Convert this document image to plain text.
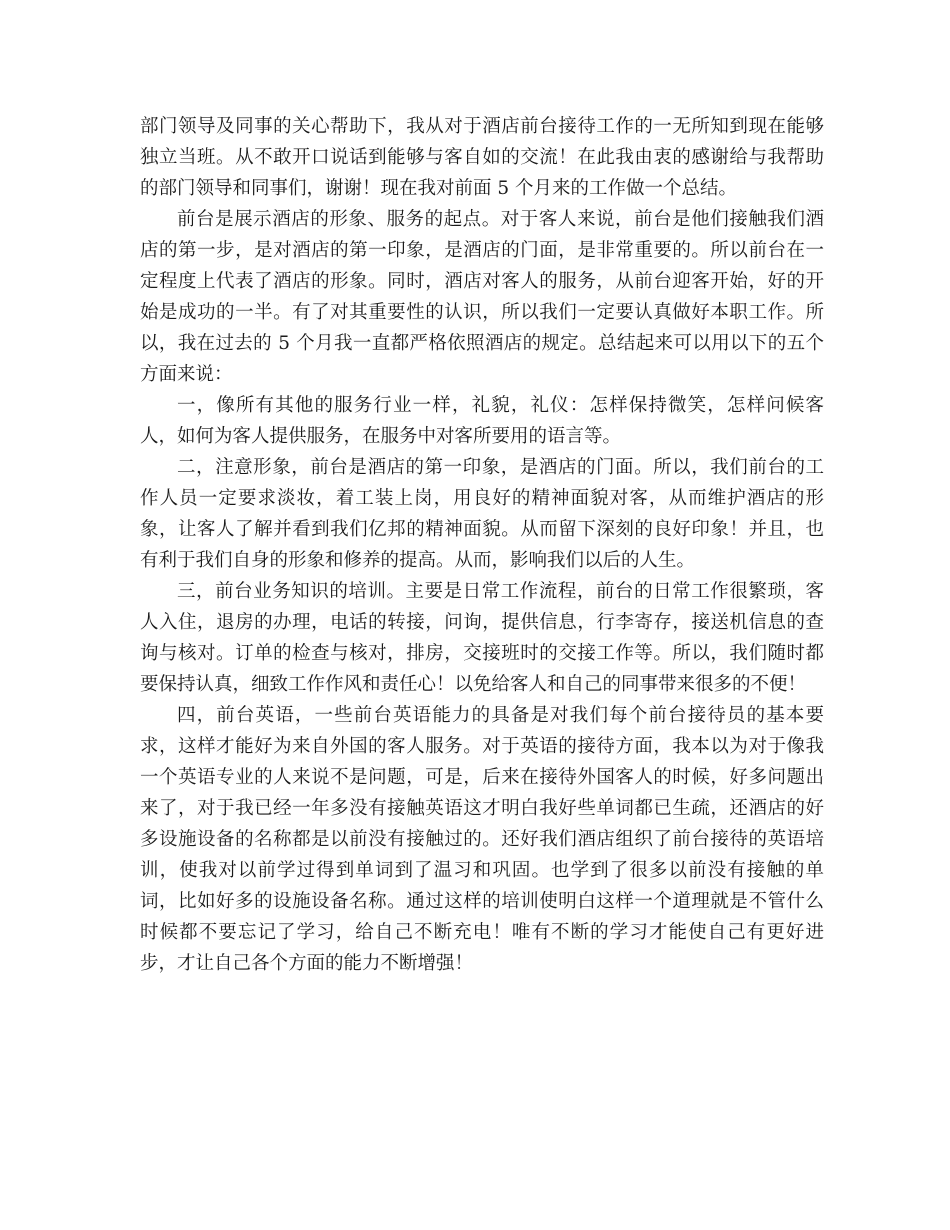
部门领导及同事的关心帮助下，我从对于酒店前台接待工作的一无所知到现在能够独立当班。从不敢开口说话到能够与客自如的交流！在此我由衷的感谢给与我帮助的部门领导和同事们，谢谢！现在我对前面 5 个月来的工作做一个总结。

前台是展示酒店的形象、服务的起点。对于客人来说，前台是他们接触我们酒店的第一步，是对酒店的第一印象，是酒店的门面，是非常重要的。所以前台在一定程度上代表了酒店的形象。同时，酒店对客人的服务，从前台迎客开始，好的开始是成功的一半。有了对其重要性的认识，所以我们一定要认真做好本职工作。所以，我在过去的 5 个月我一直都严格依照酒店的规定。总结起来可以用以下的五个方面来说：

一，像所有其他的服务行业一样，礼貌，礼仪：怎样保持微笑，怎样问候客人，如何为客人提供服务，在服务中对客所要用的语言等。

二，注意形象，前台是酒店的第一印象，是酒店的门面。所以，我们前台的工作人员一定要求淡妆，着工装上岗，用良好的精神面貌对客，从而维护酒店的形象，让客人了解并看到我们亿邦的精神面貌。从而留下深刻的良好印象！并且，也有利于我们自身的形象和修养的提高。从而，影响我们以后的人生。

三，前台业务知识的培训。主要是日常工作流程，前台的日常工作很繁琐，客人入住，退房的办理，电话的转接，问询，提供信息，行李寄存，接送机信息的查询与核对。订单的检查与核对，排房，交接班时的交接工作等。所以，我们随时都要保持认真，细致工作作风和责任心！以免给客人和自己的同事带来很多的不便！

四，前台英语，一些前台英语能力的具备是对我们每个前台接待员的基本要求，这样才能好为来自外国的客人服务。对于英语的接待方面，我本以为对于像我一个英语专业的人来说不是问题，可是，后来在接待外国客人的时候，好多问题出来了，对于我已经一年多没有接触英语这才明白我好些单词都已生疏，还酒店的好多设施设备的名称都是以前没有接触过的。还好我们酒店组织了前台接待的英语培训，使我对以前学过得到单词到了温习和巩固。也学到了很多以前没有接触的单词，比如好多的设施设备名称。通过这样的培训使明白这样一个道理就是不管什么时候都不要忘记了学习，给自己不断充电！唯有不断的学习才能使自己有更好进步，才让自己各个方面的能力不断增强！
